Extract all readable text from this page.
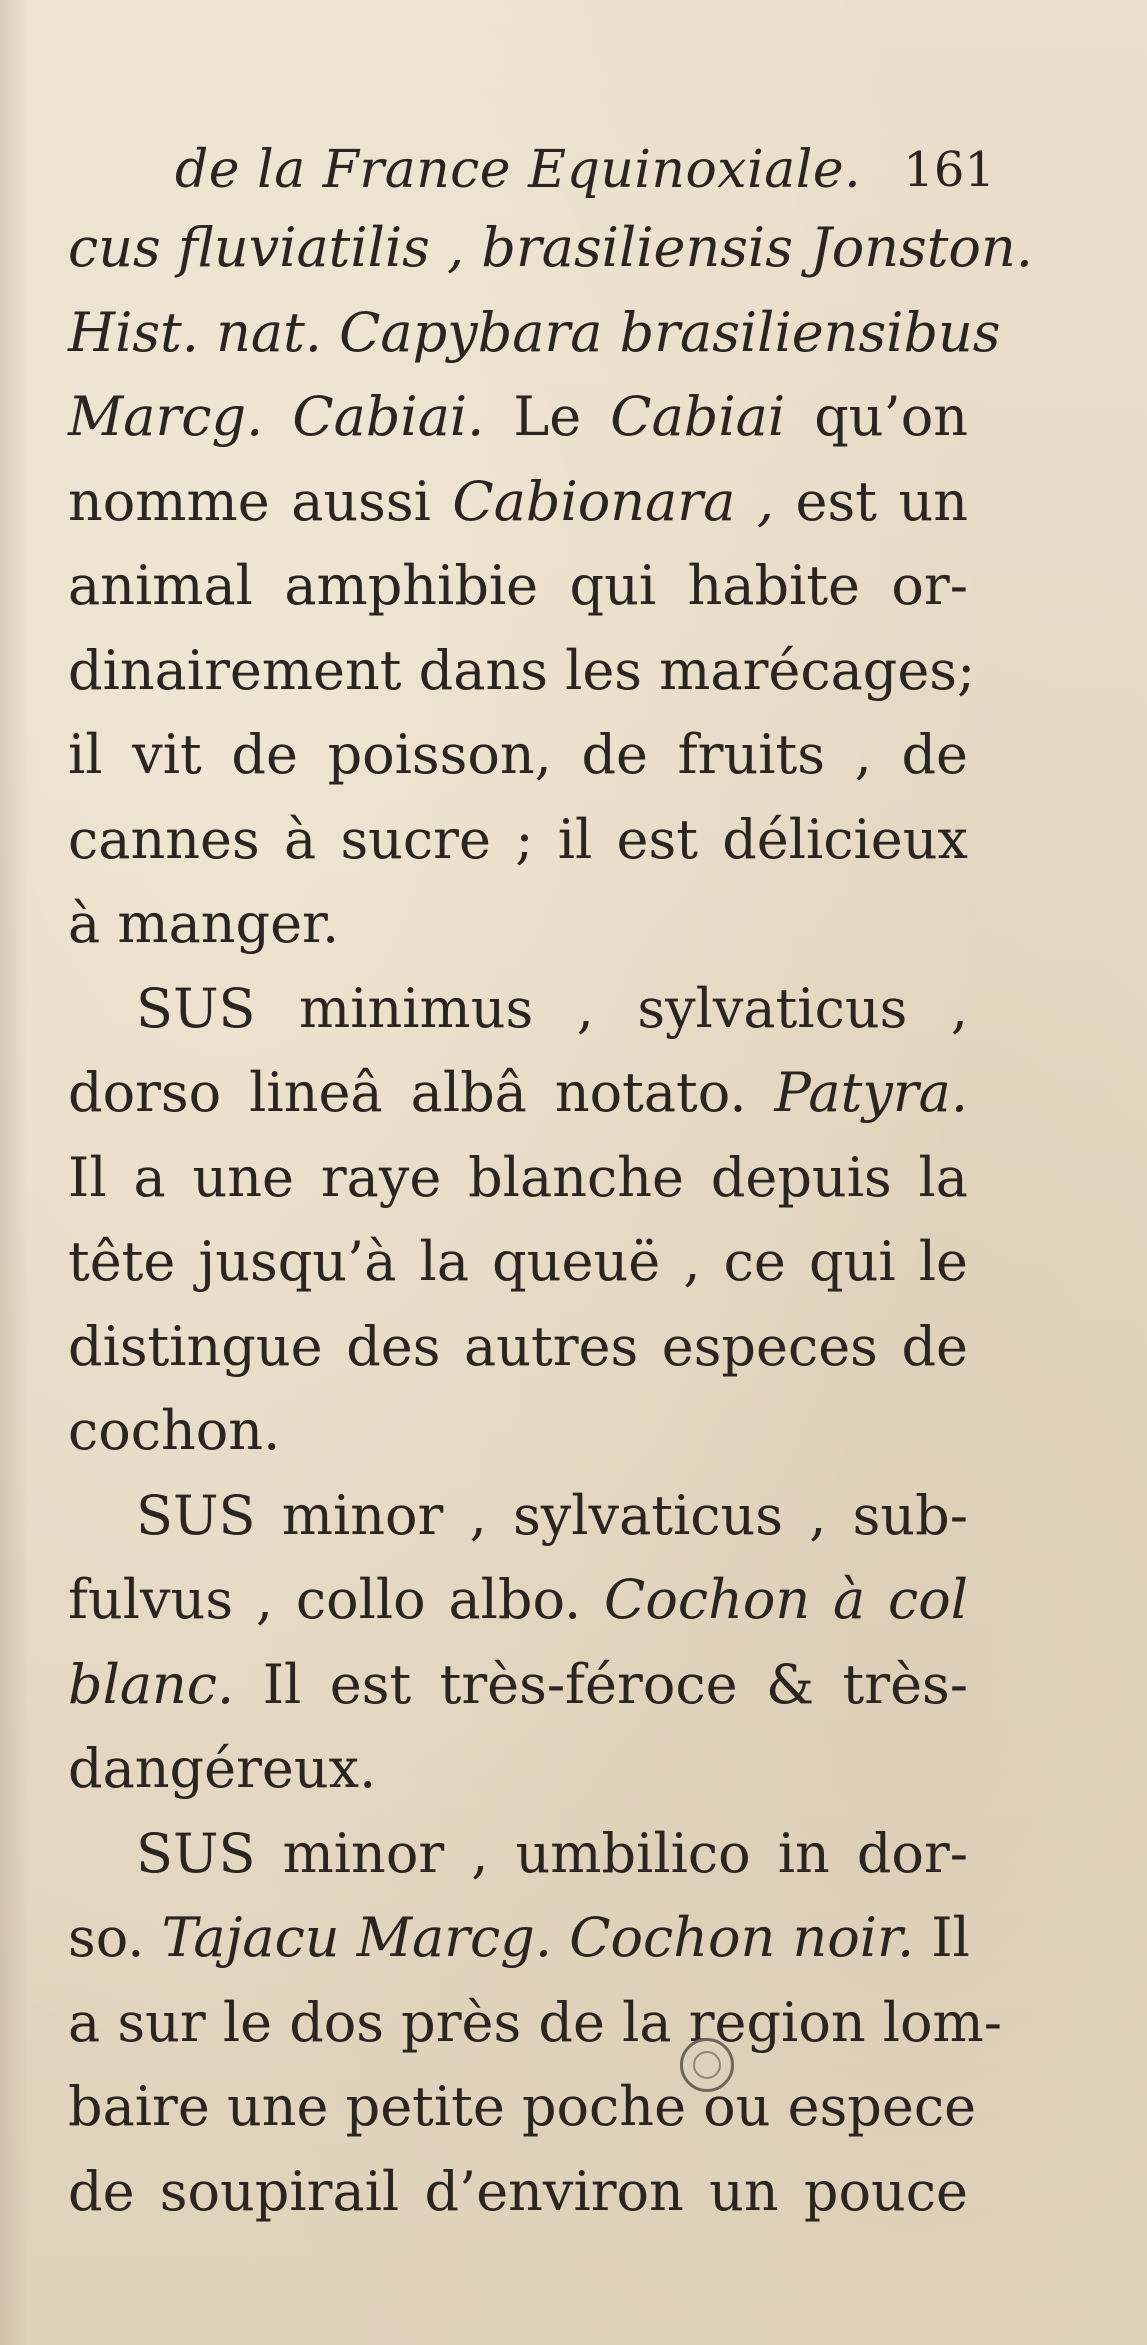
de la France Equinoxiale. 161
cus fluviatilis , brasiliensis Jonston.
Hist. nat. Capybara brasiliensibus
Marcg. Cabiai. Le Cabiai qu’on
nomme aussi Cabionara , est un
animal amphibie qui habite or-
dinairement dans les marécages;
il vit de poisson, de fruits , de
cannes à sucre ; il est délicieux
à manger.
SUS minimus , sylvaticus ,
dorso lineâ albâ notato. Patyra.
Il a une raye blanche depuis la
tête jusqu’à la queuë , ce qui le
distingue des autres especes de
cochon.
SUS minor , sylvaticus , sub-
fulvus , collo albo. Cochon à col
blanc. Il est très-féroce & très-
dangéreux.
SUS minor , umbilico in dor-
so. Tajacu Marcg. Cochon noir. Il
a sur le dos près de la region lom-
baire une petite poche ou espece
de soupirail d’environ un pouce
